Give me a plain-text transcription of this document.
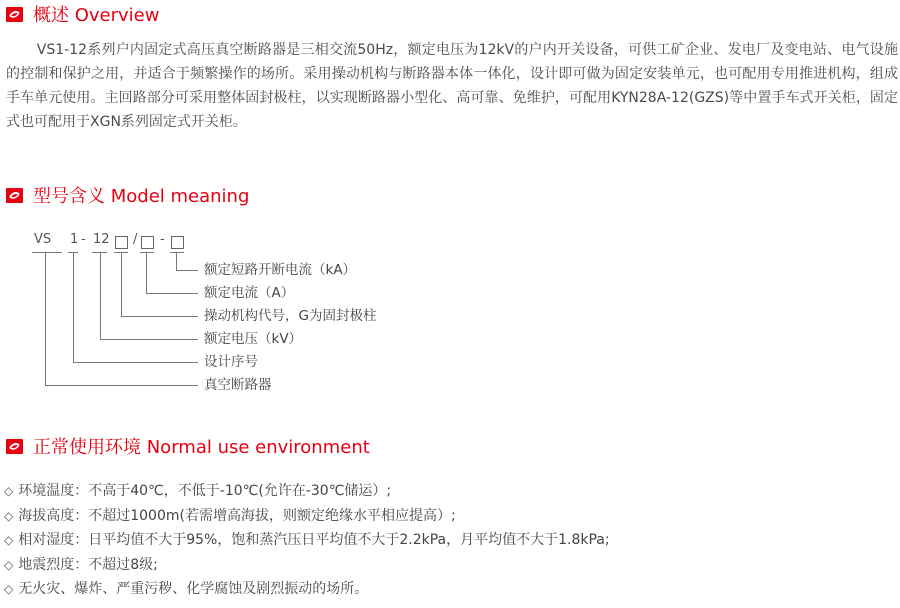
概述 Overview

VS1-12系列户内固定式高压真空断路器是三相交流50Hz，额定电压为12kV的户内开关设备，可供工矿企业、发电厂及变电站、电气设施的控制和保护之用，并适合于频繁操作的场所。采用操动机构与断路器本体一体化，设计即可做为固定安装单元，也可配用专用推进机构，组成手车单元使用。主回路部分可采用整体固封极柱，以实现断路器小型化、高可靠、免维护，可配用KYN28A-12(GZS)等中置手车式开关柜，固定式也可配用于XGN系列固定式开关柜。

型号含义 Model meaning
VS 1 - 12 / -
额定短路开断电流（kA）
额定电流（A）
操动机构代号，G为固封极柱
额定电压（kV）
设计序号
真空断路器
正常使用环境 Normal use environment
◇ 环境温度：不高于40℃，不低于-10℃(允许在-30℃储运）;
◇ 海拔高度：不超过1000m(若需增高海拔，则额定绝缘水平相应提高）;
◇ 相对湿度：日平均值不大于95%，饱和蒸汽压日平均值不大于2.2kPa，月平均值不大于1.8kPa;
◇ 地震烈度：不超过8级;
◇ 无火灾、爆炸、严重污秽、化学腐蚀及剧烈振动的场所。
